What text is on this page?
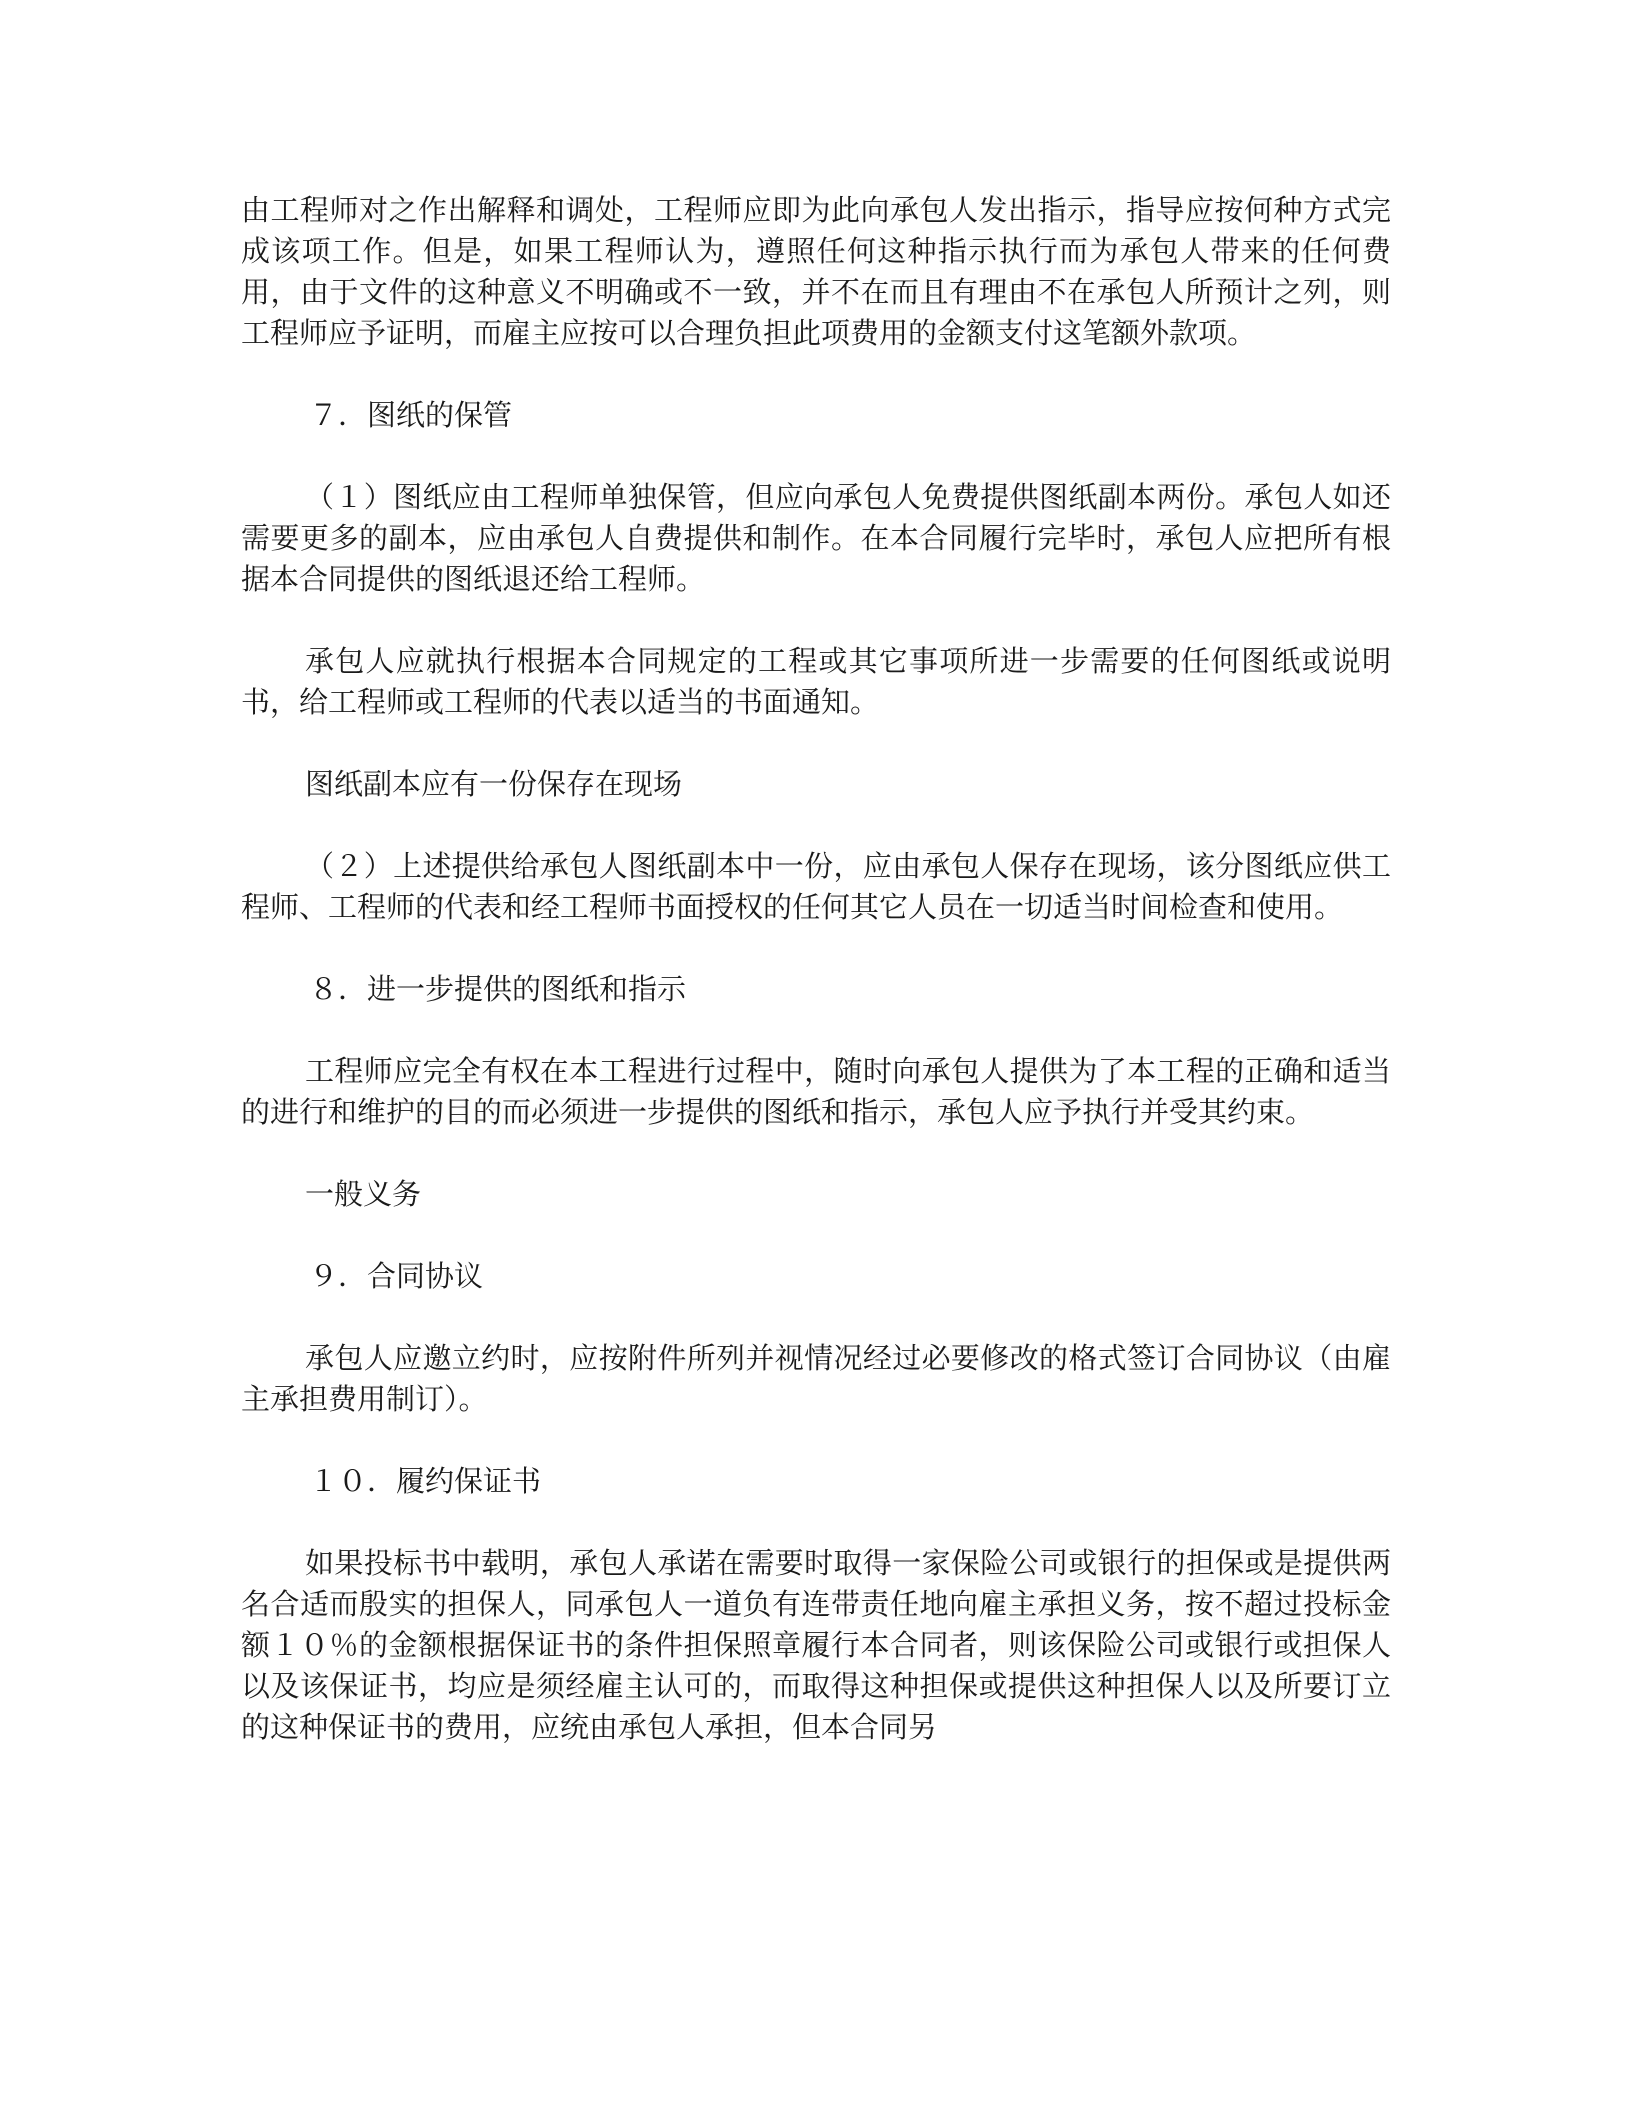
由工程师对之作出解释和调处，工程师应即为此向承包人发出指示，指导应按何种方式完成该项工作。但是，如果工程师认为，遵照任何这种指示执行而为承包人带来的任何费用，由于文件的这种意义不明确或不一致，并不在而且有理由不在承包人所预计之列，则工程师应予证明，而雇主应按可以合理负担此项费用的金额支付这笔额外款项。

７．图纸的保管

（１）图纸应由工程师单独保管，但应向承包人免费提供图纸副本两份。承包人如还需要更多的副本，应由承包人自费提供和制作。在本合同履行完毕时，承包人应把所有根据本合同提供的图纸退还给工程师。

承包人应就执行根据本合同规定的工程或其它事项所进一步需要的任何图纸或说明书，给工程师或工程师的代表以适当的书面通知。

图纸副本应有一份保存在现场

（２）上述提供给承包人图纸副本中一份，应由承包人保存在现场，该分图纸应供工程师、工程师的代表和经工程师书面授权的任何其它人员在一切适当时间检查和使用。

８．进一步提供的图纸和指示

工程师应完全有权在本工程进行过程中，随时向承包人提供为了本工程的正确和适当的进行和维护的目的而必须进一步提供的图纸和指示，承包人应予执行并受其约束。

一般义务

９．合同协议

承包人应邀立约时，应按附件所列并视情况经过必要修改的格式签订合同协议（由雇主承担费用制订）。

１０．履约保证书

如果投标书中载明，承包人承诺在需要时取得一家保险公司或银行的担保或是提供两名合适而殷实的担保人，同承包人一道负有连带责任地向雇主承担义务，按不超过投标金额１０％的金额根据保证书的条件担保照章履行本合同者，则该保险公司或银行或担保人以及该保证书，均应是须经雇主认可的，而取得这种担保或提供这种担保人以及所要订立的这种保证书的费用，应统由承包人承担，但本合同另
